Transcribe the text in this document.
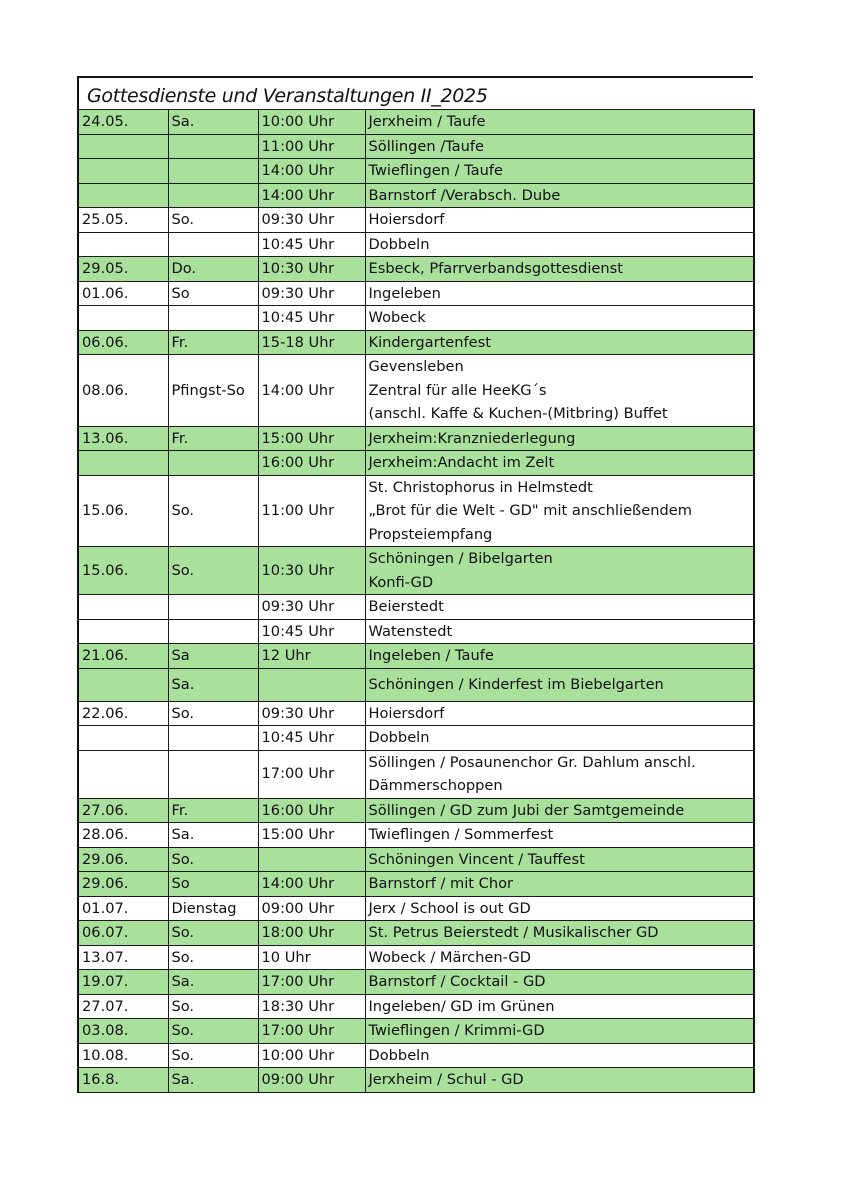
Gottesdienste und Veranstaltungen II_2025
24.05.	Sa.	10:00 Uhr	Jerxheim / Taufe

		11:00 Uhr	Söllingen /Taufe

		14:00 Uhr	Twieflingen / Taufe

		14:00 Uhr	Barnstorf /Verabsch. Dube

25.05.	So.	09:30 Uhr	Hoiersdorf

		10:45 Uhr	Dobbeln

29.05.	Do.	10:30 Uhr	Esbeck, Pfarrverbandsgottesdienst

01.06.	So	09:30 Uhr	Ingeleben

		10:45 Uhr	Wobeck

06.06.	Fr.	15-18 Uhr	Kindergartenfest

08.06.	Pfingst-So	14:00 Uhr	Gevensleben
Zentral für alle HeeKG´s
(anschl. Kaffe & Kuchen-(Mitbring) Buffet

13.06.	Fr.	15:00 Uhr	Jerxheim:Kranzniederlegung

		16:00 Uhr	Jerxheim:Andacht im Zelt

15.06.	So.	11:00 Uhr	St. Christophorus in Helmstedt
„Brot für die Welt - GD" mit anschließendem
Propsteiempfang

15.06.	So.	10:30 Uhr	Schöningen / Bibelgarten
Konfi-GD

		09:30 Uhr	Beierstedt

		10:45 Uhr	Watenstedt

21.06.	Sa	12 Uhr	Ingeleben / Taufe

	Sa.		Schöningen / Kinderfest im Biebelgarten

22.06.	So.	09:30 Uhr	Hoiersdorf

		10:45 Uhr	Dobbeln

		17:00 Uhr	Söllingen / Posaunenchor Gr. Dahlum anschl.
Dämmerschoppen

27.06.	Fr.	16:00 Uhr	Söllingen / GD zum Jubi der Samtgemeinde

28.06.	Sa.	15:00 Uhr	Twieflingen / Sommerfest

29.06.	So.		Schöningen Vincent / Tauffest

29.06.	So	14:00 Uhr	Barnstorf / mit Chor

01.07.	Dienstag	09:00 Uhr	Jerx / School is out GD

06.07.	So.	18:00 Uhr	St. Petrus Beierstedt / Musikalischer GD

13.07.	So.	10 Uhr	Wobeck / Märchen-GD

19.07.	Sa.	17:00 Uhr	Barnstorf / Cocktail - GD

27.07.	So.	18:30 Uhr	Ingeleben/ GD im Grünen

03.08.	So.	17:00 Uhr	Twieflingen / Krimmi-GD

10.08.	So.	10:00 Uhr	Dobbeln

16.8.	Sa.	09:00 Uhr	Jerxheim / Schul - GD
